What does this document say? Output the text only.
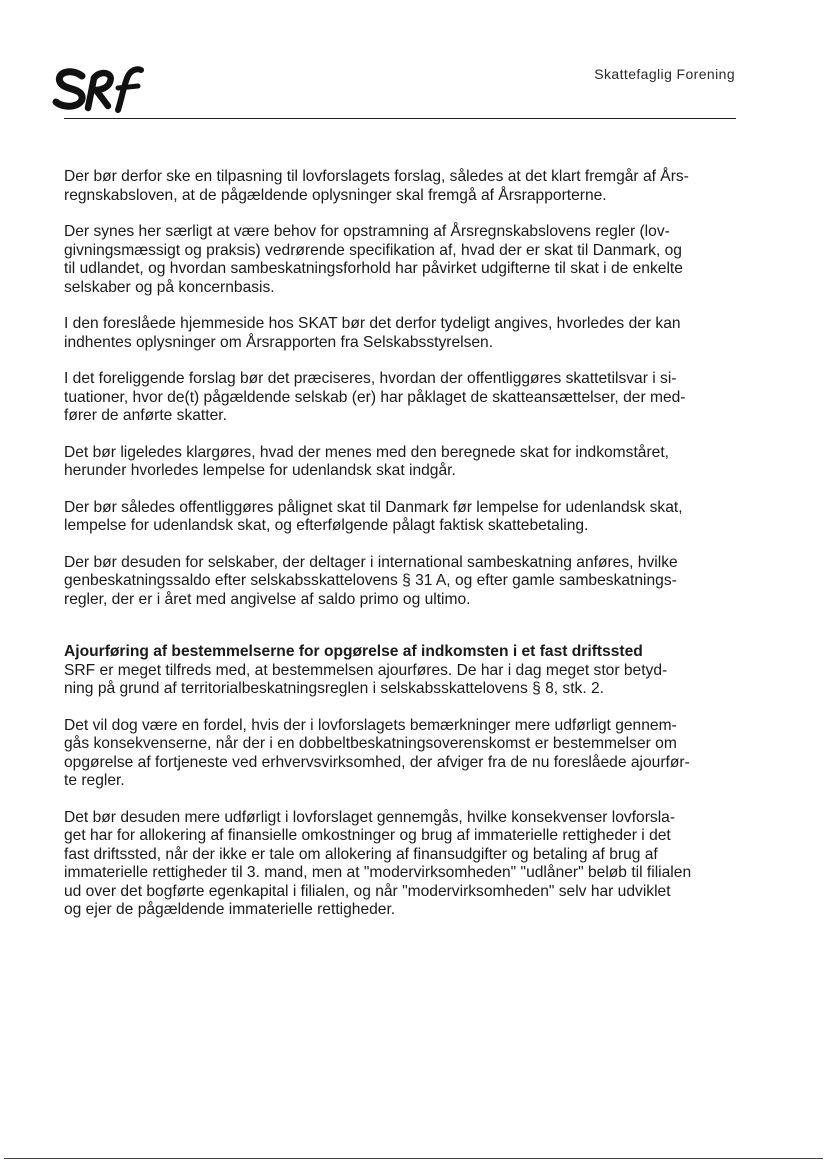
Skattefaglig Forening
Der bør derfor ske en tilpasning til lovforslagets forslag, således at det klart fremgår af Års-
regnskabsloven, at de pågældende oplysninger skal fremgå af Årsrapporterne.
Der synes her særligt at være behov for opstramning af Årsregnskabslovens regler (lov-
givningsmæssigt og praksis) vedrørende specifikation af, hvad der er skat til Danmark, og
til udlandet, og hvordan sambeskatningsforhold har påvirket udgifterne til skat i de enkelte
selskaber og på koncernbasis.
I den foreslåede hjemmeside hos SKAT bør det derfor tydeligt angives, hvorledes der kan
indhentes oplysninger om Årsrapporten fra Selskabsstyrelsen.
I det foreliggende forslag bør det præciseres, hvordan der offentliggøres skattetilsvar i si-
tuationer, hvor de(t) pågældende selskab (er) har påklaget de skatteansættelser, der med-
fører de anførte skatter.
Det bør ligeledes klargøres, hvad der menes med den beregnede skat for indkomståret,
herunder hvorledes lempelse for udenlandsk skat indgår.
Der bør således offentliggøres pålignet skat til Danmark før lempelse for udenlandsk skat,
lempelse for udenlandsk skat, og efterfølgende pålagt faktisk skattebetaling.
Der bør desuden for selskaber, der deltager i international sambeskatning anføres, hvilke
genbeskatningssaldo efter selskabsskattelovens § 31 A, og efter gamle sambeskatnings-
regler, der er i året med angivelse af saldo primo og ultimo.
Ajourføring af bestemmelserne for opgørelse af indkomsten i et fast driftssted
SRF er meget tilfreds med, at bestemmelsen ajourføres. De har i dag meget stor betyd-
ning på grund af territorialbeskatningsreglen i selskabsskattelovens § 8, stk. 2.
Det vil dog være en fordel, hvis der i lovforslagets bemærkninger mere udførligt gennem-
gås konsekvenserne, når der i en dobbeltbeskatningsoverenskomst er bestemmelser om
opgørelse af fortjeneste ved erhvervsvirksomhed, der afviger fra de nu foreslåede ajourfør-
te regler.
Det bør desuden mere udførligt i lovforslaget gennemgås, hvilke konsekvenser lovforsla-
get har for allokering af finansielle omkostninger og brug af immaterielle rettigheder i det
fast driftssted, når der ikke er tale om allokering af finansudgifter og betaling af brug af
immaterielle rettigheder til 3. mand, men at "modervirksomheden" "udlåner" beløb til filialen
ud over det bogførte egenkapital i filialen, og når "modervirksomheden" selv har udviklet
og ejer de pågældende immaterielle rettigheder.
